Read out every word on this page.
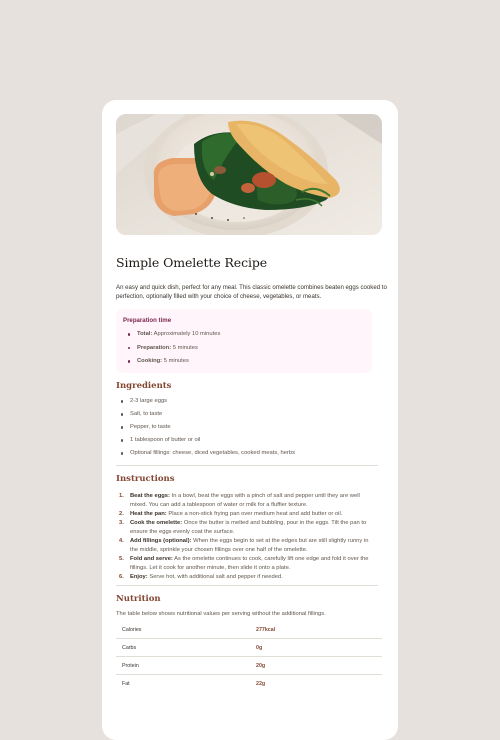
Simple Omelette Recipe

An easy and quick dish, perfect for any meal. This classic omelette combines beaten eggs cooked to perfection, optionally filled with your choice of cheese, vegetables, or meats.

Preparation time
Total: Approximately 10 minutes
Preparation: 5 minutes
Cooking: 5 minutes
Ingredients
2-3 large eggs
Salt, to taste
Pepper, to taste
1 tablespoon of butter or oil
Optional fillings: cheese, diced vegetables, cooked meats, herbs
Instructions
1. Beat the eggs: In a bowl, beat the eggs with a pinch of salt and pepper until they are well mixed. You can add a tablespoon of water or milk for a fluffier texture.
2. Heat the pan: Place a non-stick frying pan over medium heat and add butter or oil.
3. Cook the omelette: Once the butter is melted and bubbling, pour in the eggs. Tilt the pan to ensure the eggs evenly coat the surface.
4. Add fillings (optional): When the eggs begin to set at the edges but are still slightly runny in the middle, sprinkle your chosen fillings over one half of the omelette.
5. Fold and serve: As the omelette continues to cook, carefully lift one edge and fold it over the fillings. Let it cook for another minute, then slide it onto a plate.
6. Enjoy: Serve hot, with additional salt and pepper if needed.
Nutrition

The table below shows nutritional values per serving without the additional fillings.

Calories	277kcal
Carbs	0g
Protein	20g
Fat	22g
